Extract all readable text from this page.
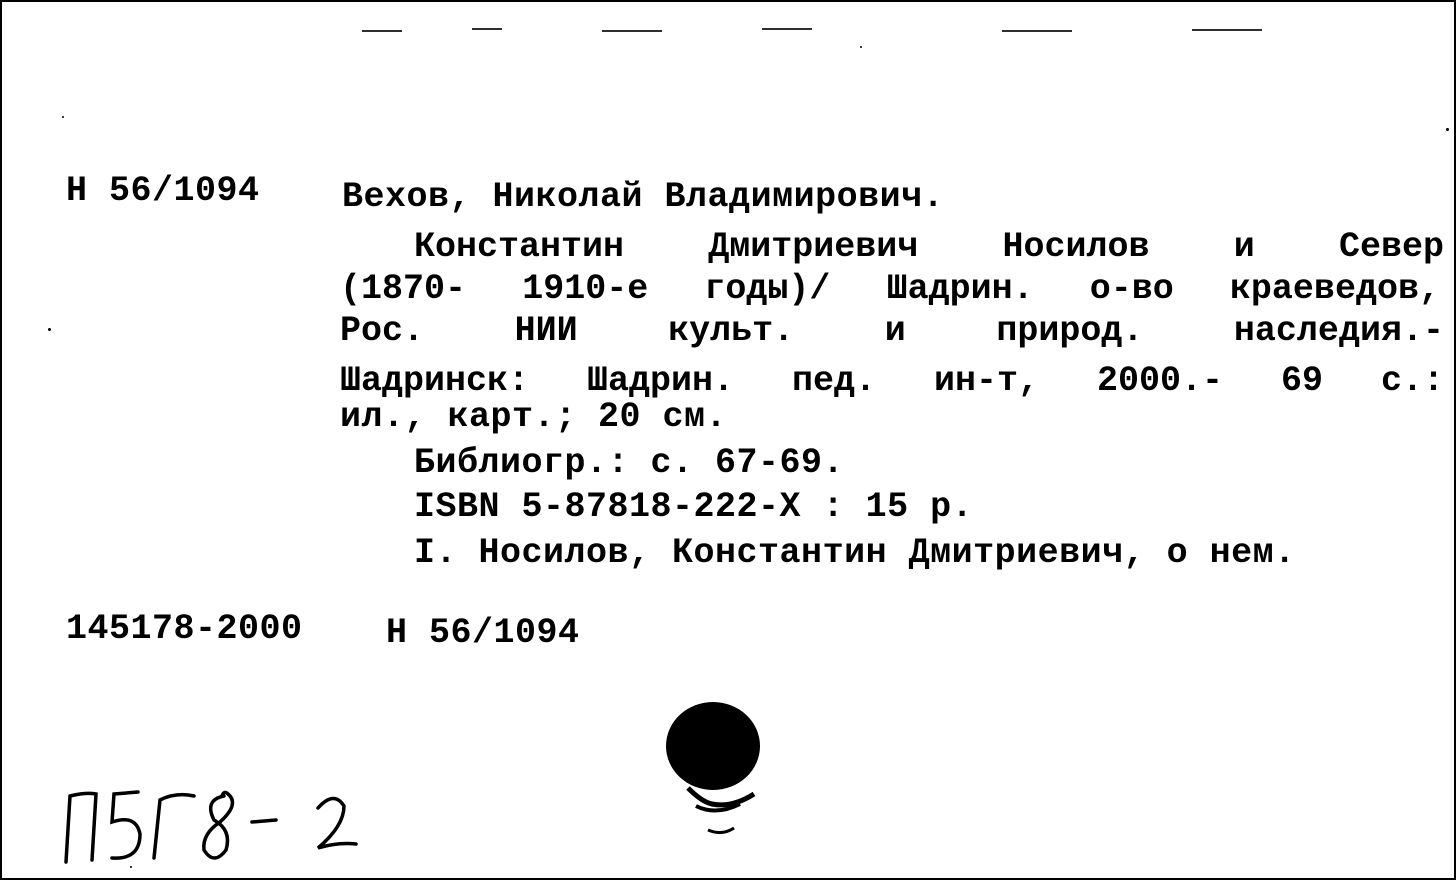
Н 56/1094 Вехов, Николай Владимирович.
Константин Дмитриевич Носилов и Север
(1870- 1910-е годы)/ Шадрин. о-во краеведов,
Рос.	НИИ	культ.	и	природ.	наследия.-
Шадринск: Шадрин. пед. ин-т, 2000.- 69 с.:
ил., карт.; 20 см.
Библиогр.: с. 67-69.
ISBN 5-87818-222-X : 15 р.
I. Носилов, Константин Дмитриевич, о нем.
145178-2000 Н 56/1094
